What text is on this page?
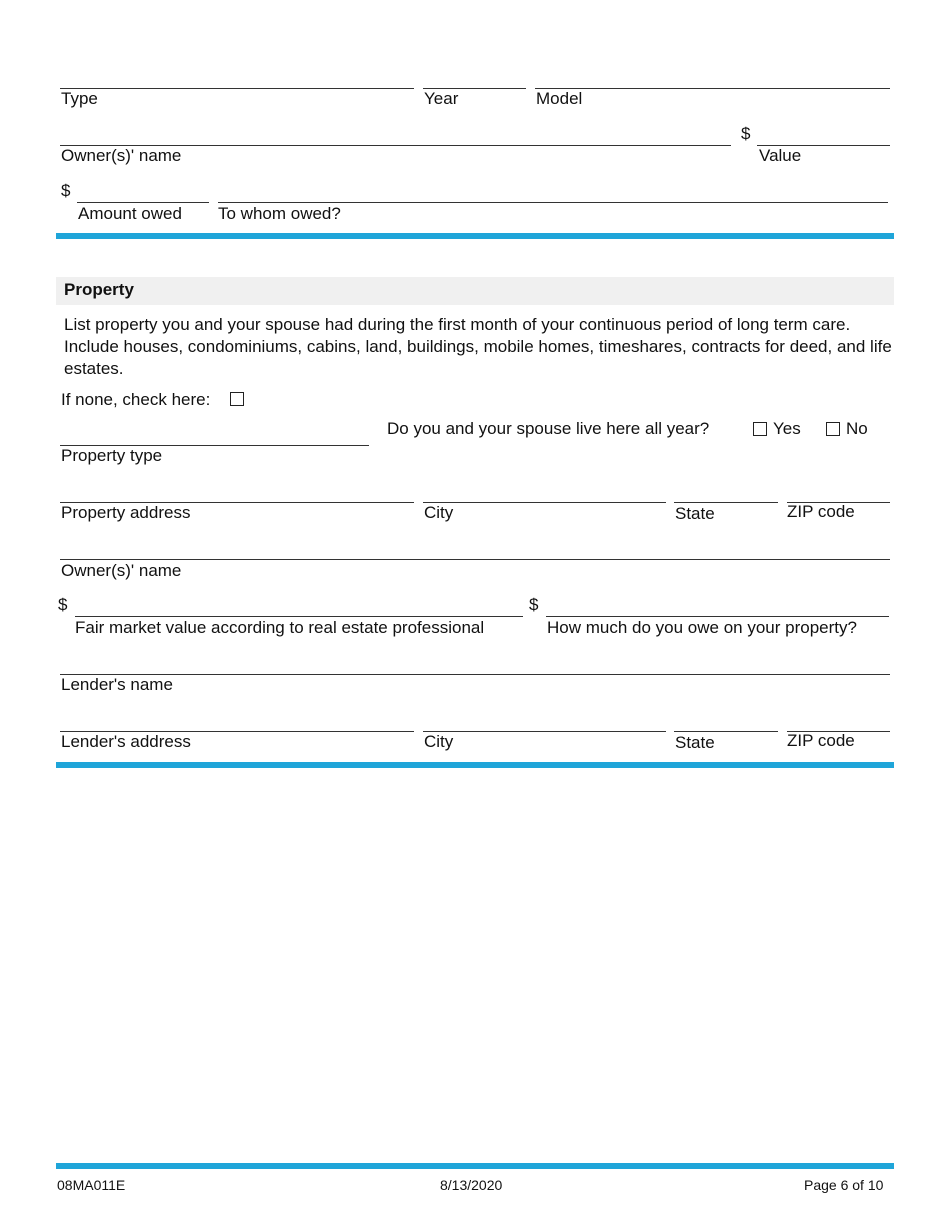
Type	Year	Model
$
Owner(s)' name	Value
$
Amount owed To whom owed?
Property
List property you and your spouse had during the first month of your continuous period of long term care. Include houses, condominiums, cabins, land, buildings, mobile homes, timeshares, contracts for deed, and life estates.
If none, check here:
Do you and your spouse live here all year?	Yes	No
Property type
Property address	City	State	ZIP code
Owner(s)' name
$	$
Fair market value according to real estate professional	How much do you owe on your property?
Lender's name
Lender's address	City	State	ZIP code
08MA011E	8/13/2020	Page 6 of 10
